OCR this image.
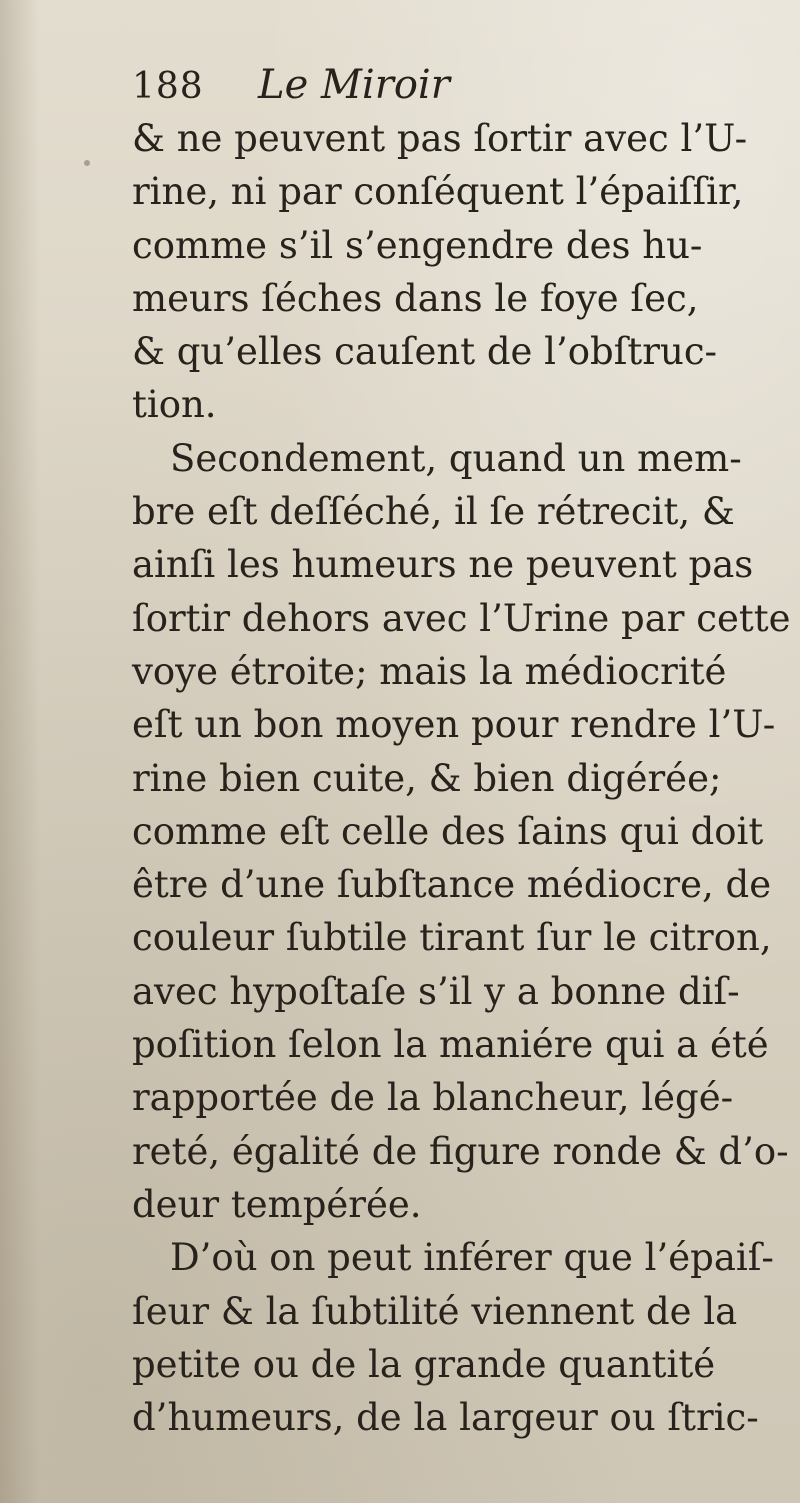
188 Le Miroir
& ne peuvent pas ſortir avec l’U-
rine, ni par conſéquent l’épaiſſir,
comme s’il s’engendre des hu-
meurs ſéches dans le foye ſec,
& qu’elles cauſent de l’obſtruc-
tion.
Secondement, quand un mem-
bre eſt deſſéché, il ſe rétrecit, &
ainſi les humeurs ne peuvent pas
ſortir dehors avec l’Urine par cette
voye étroite; mais la médiocrité
eſt un bon moyen pour rendre l’U-
rine bien cuite, & bien digérée;
comme eſt celle des ſains qui doit
être d’une ſubſtance médiocre, de
couleur ſubtile tirant ſur le citron,
avec hypoſtaſe s’il y a bonne diſ-
poſition ſelon la maniére qui a été
rapportée de la blancheur, légé-
reté, égalité de figure ronde & d’o-
deur tempérée.
D’où on peut inférer que l’épaiſ-
ſeur & la ſubtilité viennent de la
petite ou de la grande quantité
d’humeurs, de la largeur ou ſtric-
